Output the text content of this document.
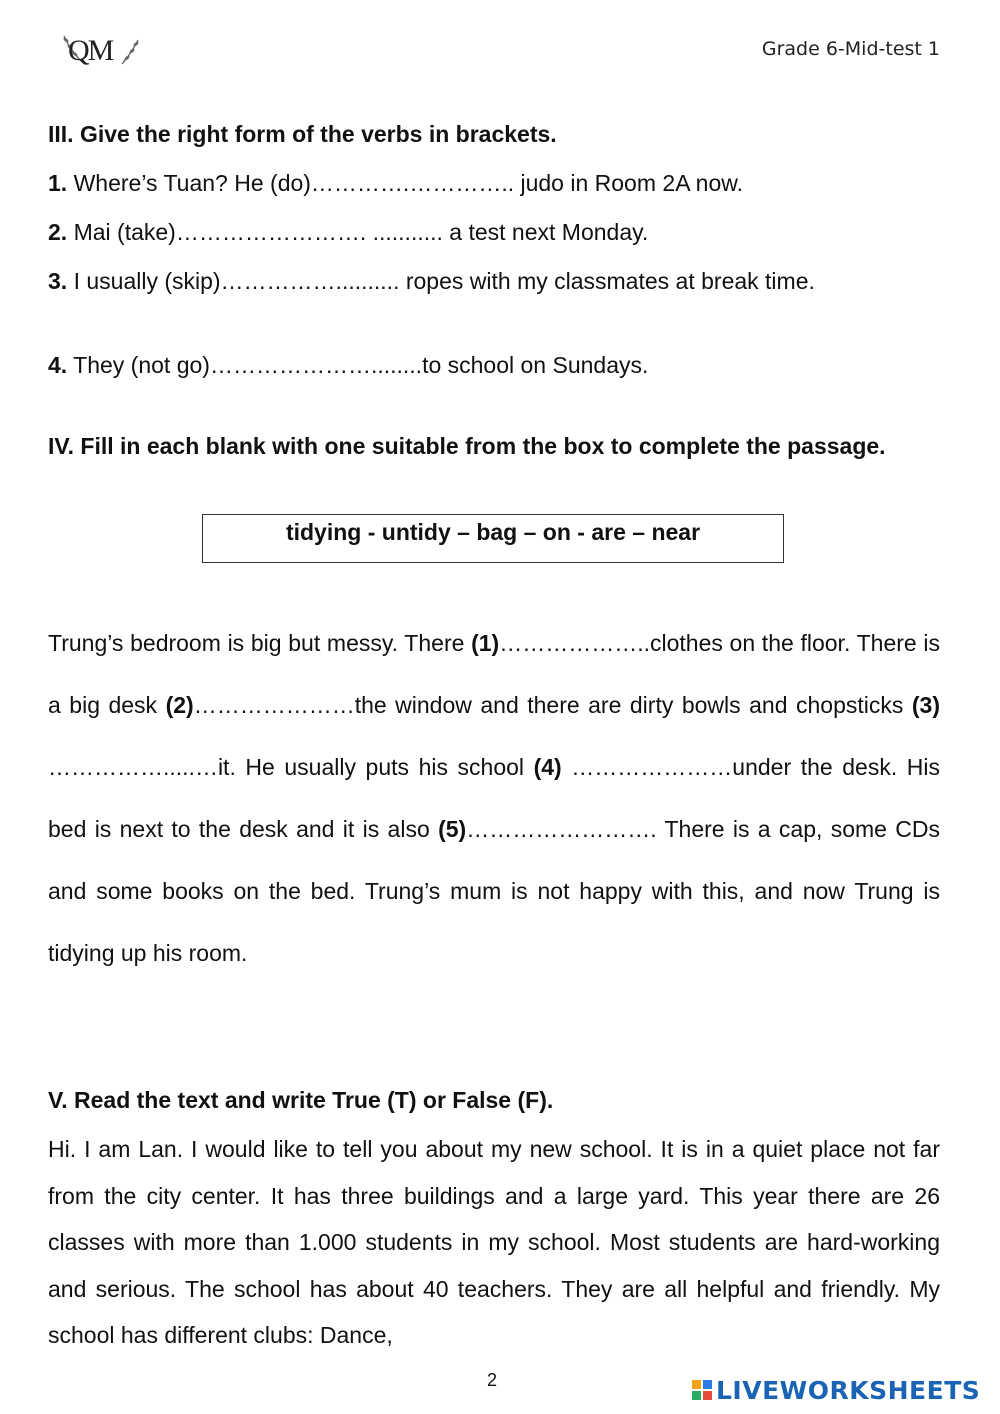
QM	Grade 6-Mid-test 1
III. Give the right form of the verbs in brackets.
1. Where’s Tuan? He (do)………….………….. judo in Room 2A now.
2. Mai (take)……………………. ........... a test next Monday.
3. I usually (skip)…………….......... ropes with my classmates at break time.
4. They (not go)…………………........to school on Sundays.
IV. Fill in each blank with one suitable from the box to complete the passage.
tidying - untidy – bag – on - are – near
Trung’s bedroom is big but messy. There (1)………………..clothes on the floor. There is a big desk (2)…………………the window and there are dirty bowls and chopsticks (3) …………….....…it. He usually puts his school (4) …………………under the desk. His bed is next to the desk and it is also (5)……………………. There is a cap, some CDs and some books on the bed. Trung’s mum is not happy with this, and now Trung is tidying up his room.
V. Read the text and write True (T) or False (F).
Hi. I am Lan. I would like to tell you about my new school. It is in a quiet place not far from the city center. It has three buildings and a large yard. This year there are 26 classes with more than 1.000 students in my school. Most students are hard-working and serious. The school has about 40 teachers. They are all helpful and friendly. My school has different clubs: Dance,
2	LIVEWORKSHEETS
